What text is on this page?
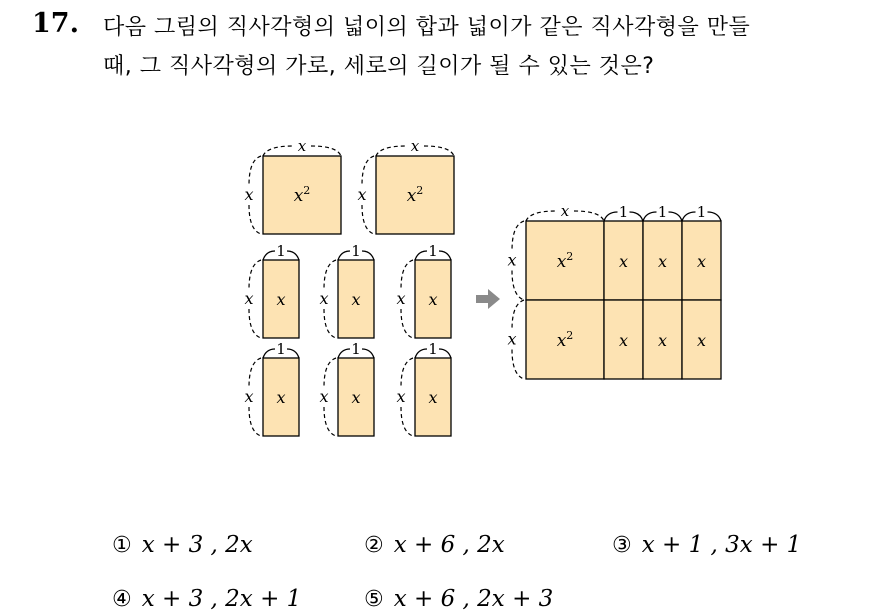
17. 다음 그림의 직사각형의 넓이의 합과 넓이가 같은 직사각형을 만들
때, 그 직사각형의 가로, 세로의 길이가 될 수 있는 것은?
$x^2$
x
x	$x^2$
x
x
x
1
x	x
1
x	x
1
x
x
1
x	x
1
x	x
1
x
$x^2$	x x x
x
$x^2$	x x x
x
x	1 1 1
① x + 3 , 2x	② x + 6 , 2x	③ x + 1 , 3x + 1
④ x + 3 , 2x + 1	⑤ x + 6 , 2x + 3
